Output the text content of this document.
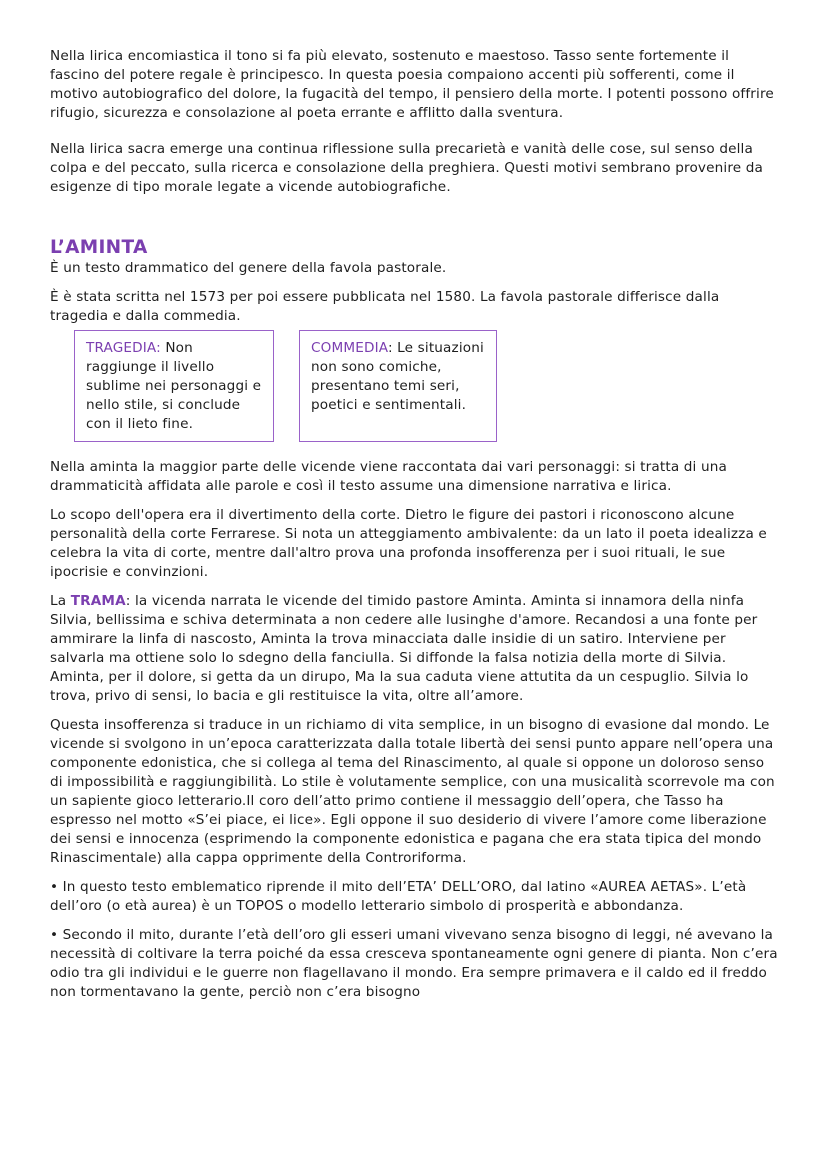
Nella lirica encomiastica il tono si fa più elevato, sostenuto e maestoso. Tasso sente fortemente il fascino del potere regale è principesco. In questa poesia compaiono accenti più sofferenti, come il motivo autobiografico del dolore, la fugacità del tempo, il pensiero della morte. I potenti possono offrire rifugio, sicurezza e consolazione al poeta errante e afflitto dalla sventura.

Nella lirica sacra emerge una continua riflessione sulla precarietà e vanità delle cose, sul senso della colpa e del peccato, sulla ricerca e consolazione della preghiera. Questi motivi sembrano provenire da esigenze di tipo morale legate a vicende autobiografiche.

L’AMINTA

È un testo drammatico del genere della favola pastorale.

È è stata scritta nel 1573 per poi essere pubblicata nel 1580. La favola pastorale differisce dalla tragedia e dalla commedia.

TRAGEDIA: Non raggiunge il livello sublime nei personaggi e nello stile, si conclude con il lieto fine.
COMMEDIA: Le situazioni non sono comiche, presentano temi seri, poetici e sentimentali.

Nella aminta la maggior parte delle vicende viene raccontata dai vari personaggi: si tratta di una drammaticità affidata alle parole e così il testo assume una dimensione narrativa e lirica.

Lo scopo dell'opera era il divertimento della corte. Dietro le figure dei pastori i riconoscono alcune personalità della corte Ferrarese. Si nota un atteggiamento ambivalente: da un lato il poeta idealizza e celebra la vita di corte, mentre dall'altro prova una profonda insofferenza per i suoi rituali, le sue ipocrisie e convinzioni.

La TRAMA: la vicenda narrata le vicende del timido pastore Aminta. Aminta si innamora della ninfa Silvia, bellissima e schiva determinata a non cedere alle lusinghe d'amore. Recandosi a una fonte per ammirare la linfa di nascosto, Aminta la trova minacciata dalle insidie di un satiro. Interviene per salvarla ma ottiene solo lo sdegno della fanciulla. Si diffonde la falsa notizia della morte di Silvia. Aminta, per il dolore, si getta da un dirupo, Ma la sua caduta viene attutita da un cespuglio. Silvia lo trova, privo di sensi, lo bacia e gli restituisce la vita, oltre all’amore.

Questa insofferenza si traduce in un richiamo di vita semplice, in un bisogno di evasione dal mondo. Le vicende si svolgono in un’epoca caratterizzata dalla totale libertà dei sensi punto appare nell’opera una componente edonistica, che si collega al tema del Rinascimento, al quale si oppone un doloroso senso di impossibilità e raggiungibilità. Lo stile è volutamente semplice, con una musicalità scorrevole ma con un sapiente gioco letterario.Il coro dell’atto primo contiene il messaggio dell’opera, che Tasso ha espresso nel motto «S’ei piace, ei lice». Egli oppone il suo desiderio di vivere l’amore come liberazione dei sensi e innocenza (esprimendo la componente edonistica e pagana che era stata tipica del mondo Rinascimentale) alla cappa opprimente della Controriforma.

• In questo testo emblematico riprende il mito dell’ETA’ DELL’ORO, dal latino «AUREA AETAS». L’età dell’oro (o età aurea) è un TOPOS o modello letterario simbolo di prosperità e abbondanza.

• Secondo il mito, durante l’età dell’oro gli esseri umani vivevano senza bisogno di leggi, né avevano la necessità di coltivare la terra poiché da essa cresceva spontaneamente ogni genere di pianta. Non c’era odio tra gli individui e le guerre non flagellavano il mondo. Era sempre primavera e il caldo ed il freddo non tormentavano la gente, perciò non c’era bisogno
